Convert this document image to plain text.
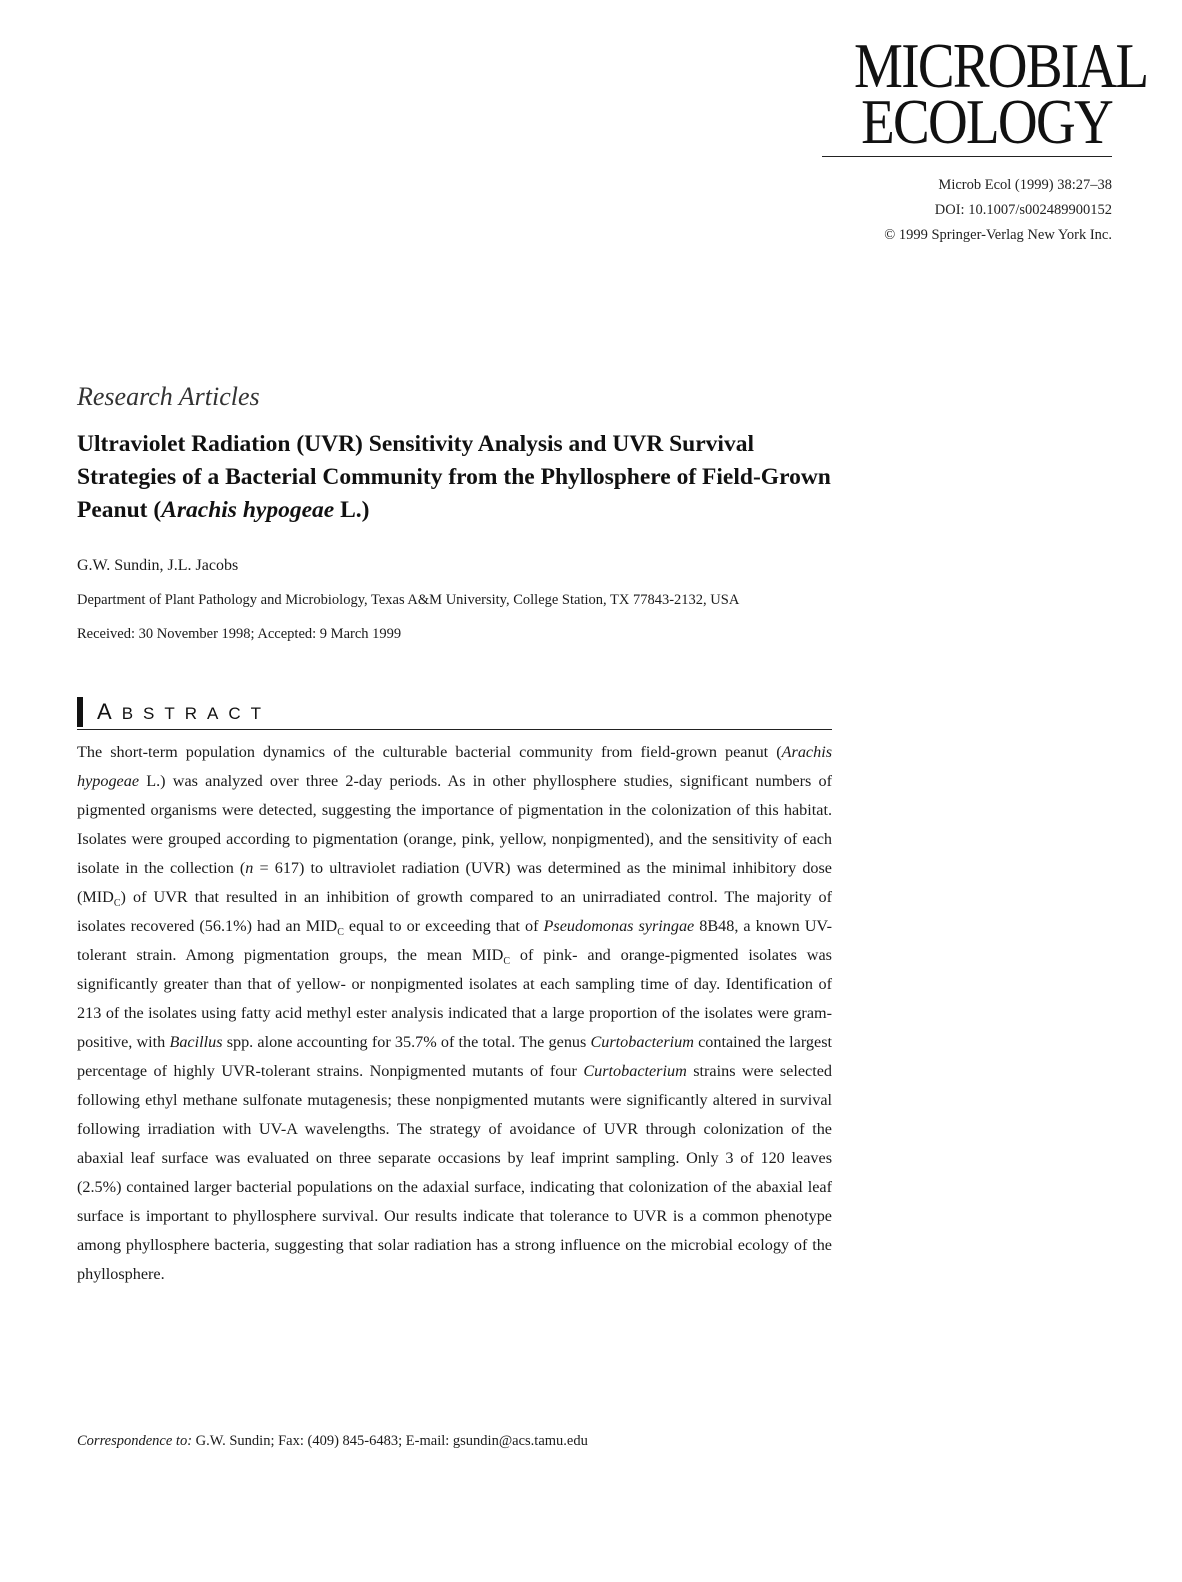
MICROBIAL
ECOLOGY
Microb Ecol (1999) 38:27–38
DOI: 10.1007/s002489900152
© 1999 Springer-Verlag New York Inc.
Research Articles
Ultraviolet Radiation (UVR) Sensitivity Analysis and UVR Survival Strategies of a Bacterial Community from the Phyllosphere of Field-Grown Peanut (Arachis hypogeae L.)
G.W. Sundin, J.L. Jacobs
Department of Plant Pathology and Microbiology, Texas A&M University, College Station, TX 77843-2132, USA
Received: 30 November 1998; Accepted: 9 March 1999
ABSTRACT

The short-term population dynamics of the culturable bacterial community from field-grown peanut (Arachis hypogeae L.) was analyzed over three 2-day periods. As in other phyllosphere studies, significant numbers of pigmented organisms were detected, suggesting the importance of pigmentation in the colonization of this habitat. Isolates were grouped according to pigmentation (orange, pink, yellow, nonpigmented), and the sensitivity of each isolate in the collection (n = 617) to ultraviolet radiation (UVR) was determined as the minimal inhibitory dose $(MID_C)$ of UVR that resulted in an inhibition of growth compared to an unirradiated control. The majority of isolates recovered (56.1%) had an $MID_C$ equal to or exceeding that of Pseudomonas syringae 8B48, a known UV-tolerant strain. Among pigmentation groups, the mean $MID_C$ of pink- and orange-pigmented isolates was significantly greater than that of yellow- or nonpigmented isolates at each sampling time of day. Identification of 213 of the isolates using fatty acid methyl ester analysis indicated that a large proportion of the isolates were gram-positive, with Bacillus spp. alone accounting for 35.7% of the total. The genus Curtobacterium contained the largest percentage of highly UVR-tolerant strains. Nonpigmented mutants of four Curtobacterium strains were selected following ethyl methane sulfonate mutagenesis; these nonpigmented mutants were significantly altered in survival following irradiation with UV-A wavelengths. The strategy of avoidance of UVR through colonization of the abaxial leaf surface was evaluated on three separate occasions by leaf imprint sampling. Only 3 of 120 leaves (2.5%) contained larger bacterial populations on the adaxial surface, indicating that colonization of the abaxial leaf surface is important to phyllosphere survival. Our results indicate that tolerance to UVR is a common phenotype among phyllosphere bacteria, suggesting that solar radiation has a strong influence on the microbial ecology of the phyllosphere.

Correspondence to: G.W. Sundin; Fax: (409) 845-6483; E-mail: gsundin@acs.tamu.edu
